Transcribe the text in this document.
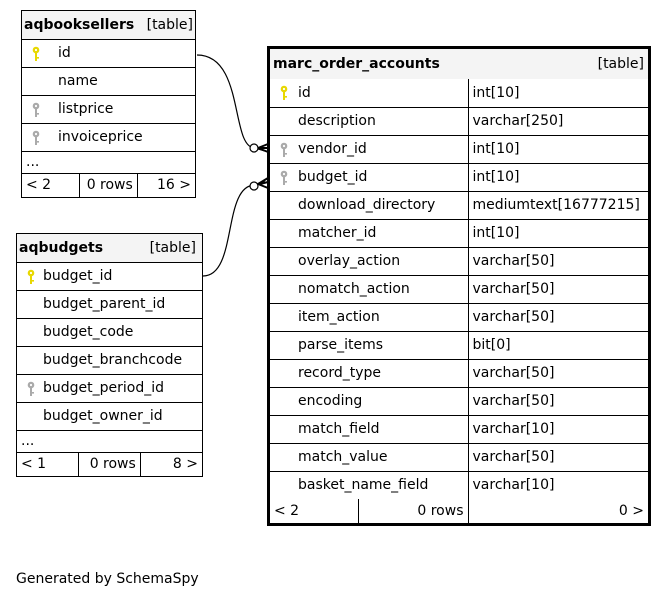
aqbooksellers [table]

id
name

listprice

invoiceprice
...
< 2	0 rows	16 >
aqbudgets	[table]

budget_id
budget_parent_id
budget_code
budget_branchcode

budget_period_id
budget_owner_id
...
< 1	0 rows	8 >
marc_order_accounts [table]		

id		int[10]
description		varchar[250]

vendor_id		int[10]

budget_id		int[10]
download_directory		mediumtext[16777215]
matcher_id		int[10]
overlay_action		varchar[50]
nomatch_action		varchar[50]
item_action		varchar[50]
parse_items		bit[0]
record_type		varchar[50]
encoding		varchar[50]
match_field		varchar[10]
match_value		varchar[50]
basket_name_field		varchar[10]
< 2	0 rows	0 >
Generated by SchemaSpy
